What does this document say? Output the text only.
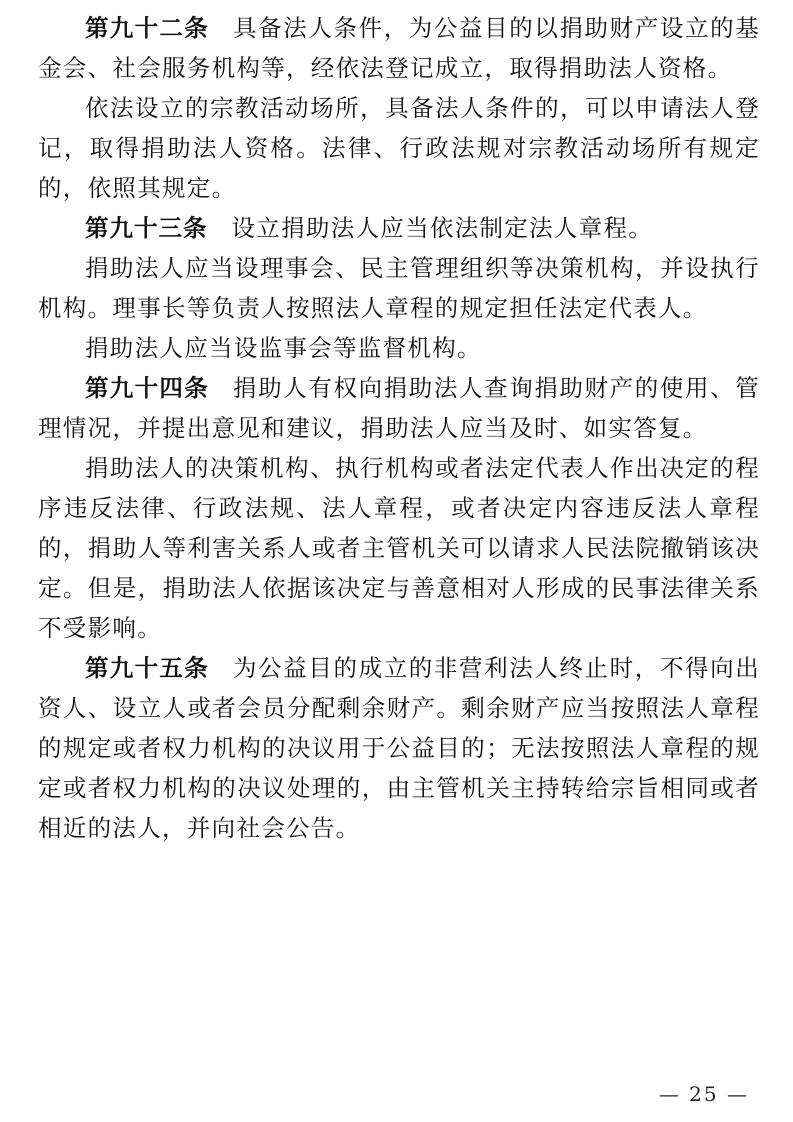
第九十二条 具备法人条件，为公益目的以捐助财产设立的基金会、社会服务机构等，经依法登记成立，取得捐助法人资格。

依法设立的宗教活动场所，具备法人条件的，可以申请法人登记，取得捐助法人资格。法律、行政法规对宗教活动场所有规定的，依照其规定。

第九十三条 设立捐助法人应当依法制定法人章程。

捐助法人应当设理事会、民主管理组织等决策机构，并设执行机构。理事长等负责人按照法人章程的规定担任法定代表人。

捐助法人应当设监事会等监督机构。

第九十四条 捐助人有权向捐助法人查询捐助财产的使用、管理情况，并提出意见和建议，捐助法人应当及时、如实答复。

捐助法人的决策机构、执行机构或者法定代表人作出决定的程序违反法律、行政法规、法人章程，或者决定内容违反法人章程的，捐助人等利害关系人或者主管机关可以请求人民法院撤销该决定。但是，捐助法人依据该决定与善意相对人形成的民事法律关系不受影响。

第九十五条 为公益目的成立的非营利法人终止时，不得向出资人、设立人或者会员分配剩余财产。剩余财产应当按照法人章程的规定或者权力机构的决议用于公益目的；无法按照法人章程的规定或者权力机构的决议处理的，由主管机关主持转给宗旨相同或者相近的法人，并向社会公告。

— 25 —
